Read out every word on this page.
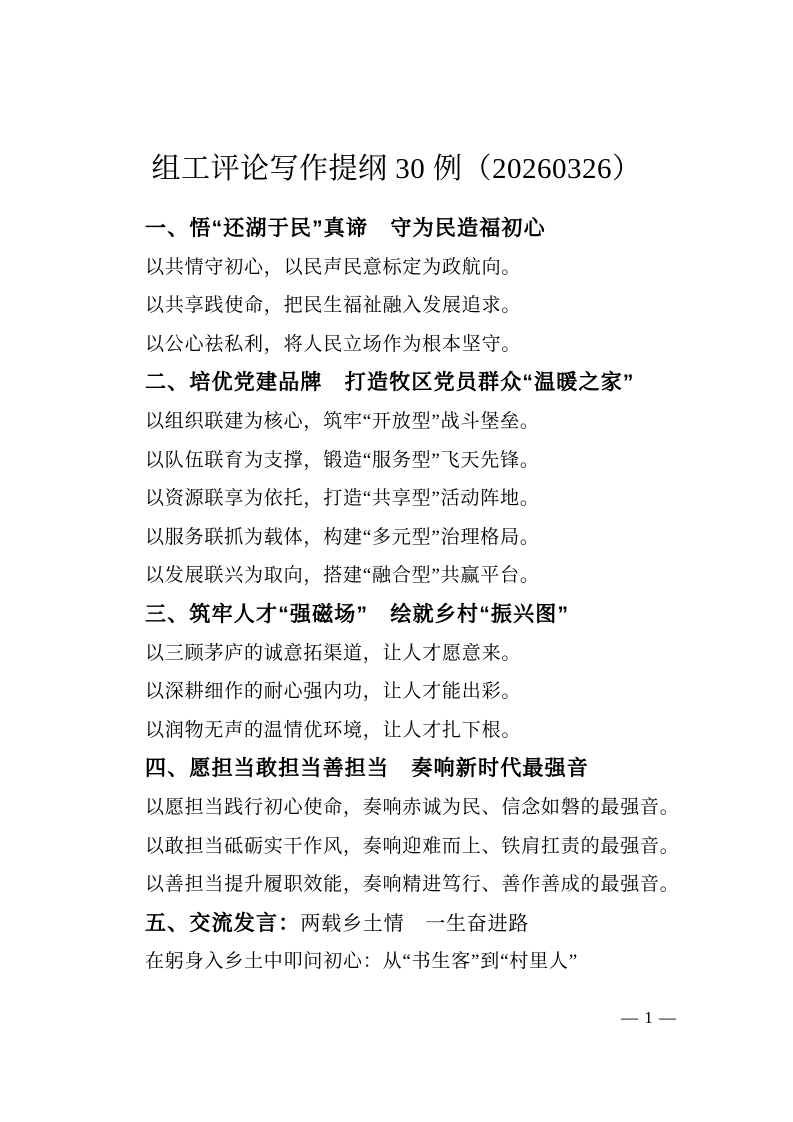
组工评论写作提纲 30 例（20260326）

一、悟“还湖于民”真谛　守为民造福初心

以共情守初心，以民声民意标定为政航向。

以共享践使命，把民生福祉融入发展追求。

以公心祛私利，将人民立场作为根本坚守。

二、培优党建品牌　打造牧区党员群众“温暖之家”

以组织联建为核心，筑牢“开放型”战斗堡垒。

以队伍联育为支撑，锻造“服务型”飞天先锋。

以资源联享为依托，打造“共享型”活动阵地。

以服务联抓为载体，构建“多元型”治理格局。

以发展联兴为取向，搭建“融合型”共赢平台。

三、筑牢人才“强磁场”　绘就乡村“振兴图”

以三顾茅庐的诚意拓渠道，让人才愿意来。

以深耕细作的耐心强内功，让人才能出彩。

以润物无声的温情优环境，让人才扎下根。

四、愿担当敢担当善担当　奏响新时代最强音

以愿担当践行初心使命，奏响赤诚为民、信念如磐的最强音。

以敢担当砥砺实干作风，奏响迎难而上、铁肩扛责的最强音。

以善担当提升履职效能，奏响精进笃行、善作善成的最强音。

五、交流发言：两载乡土情　一生奋进路

在躬身入乡土中叩问初心：从“书生客”到“村里人”

— 1 —
